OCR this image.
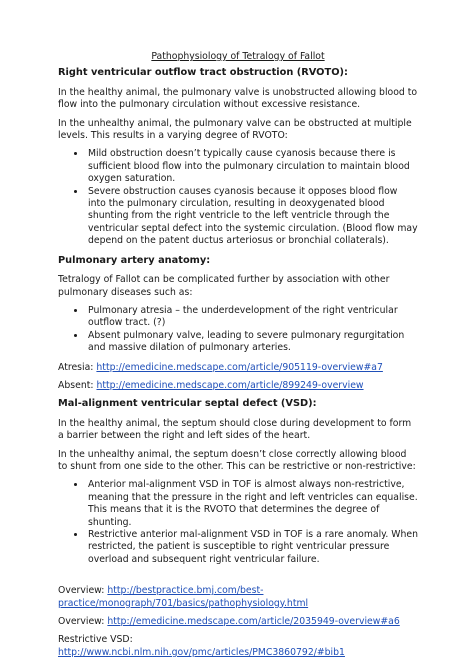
Pathophysiology of Tetralogy of Fallot
Right ventricular outflow tract obstruction (RVOTO):

In the healthy animal, the pulmonary valve is unobstructed allowing blood to flow into the pulmonary circulation without excessive resistance.

In the unhealthy animal, the pulmonary valve can be obstructed at multiple levels. This results in a varying degree of RVOTO:

• Mild obstruction doesn’t typically cause cyanosis because there is sufficient blood flow into the pulmonary circulation to maintain blood oxygen saturation.
• Severe obstruction causes cyanosis because it opposes blood flow into the pulmonary circulation, resulting in deoxygenated blood shunting from the right ventricle to the left ventricle through the ventricular septal defect into the systemic circulation. (Blood flow may depend on the patent ductus arteriosus or bronchial collaterals).
Pulmonary artery anatomy:

Tetralogy of Fallot can be complicated further by association with other pulmonary diseases such as:

• Pulmonary atresia – the underdevelopment of the right ventricular outflow tract. (?)
• Absent pulmonary valve, leading to severe pulmonary regurgitation and massive dilation of pulmonary arteries.

Atresia: http://emedicine.medscape.com/article/905119-overview#a7

Absent: http://emedicine.medscape.com/article/899249-overview

Mal-alignment ventricular septal defect (VSD):

In the healthy animal, the septum should close during development to form a barrier between the right and left sides of the heart.

In the unhealthy animal, the septum doesn’t close correctly allowing blood to shunt from one side to the other. This can be restrictive or non-restrictive:

• Anterior mal-alignment VSD in TOF is almost always non-restrictive, meaning that the pressure in the right and left ventricles can equalise. This means that it is the RVOTO that determines the degree of shunting.
• Restrictive anterior mal-alignment VSD in TOF is a rare anomaly. When restricted, the patient is susceptible to right ventricular pressure overload and subsequent right ventricular failure.

Overview: http://bestpractice.bmj.com/best-practice/monograph/701/basics/pathophysiology.html

Overview: http://emedicine.medscape.com/article/2035949-overview#a6

Restrictive VSD: http://www.ncbi.nlm.nih.gov/pmc/articles/PMC3860792/#bib1
